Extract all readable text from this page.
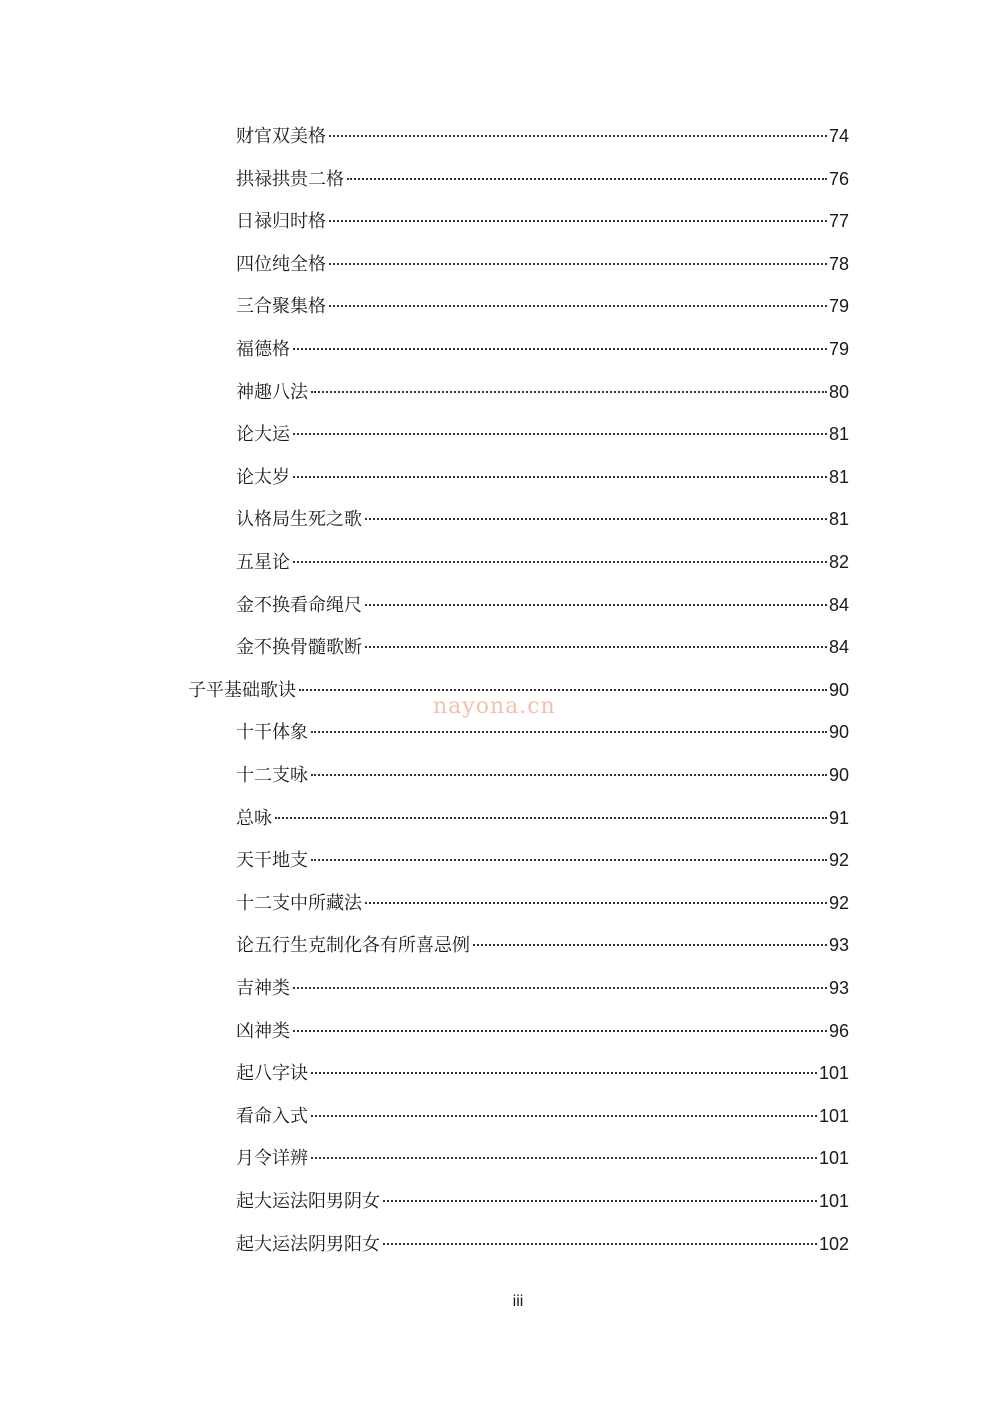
财官双美格	74
拱禄拱贵二格	76
日禄归时格	77
四位纯全格	78
三合聚集格	79
福德格	79
神趣八法	80
论大运	81
论太岁	81
认格局生死之歌	81
五星论	82
金不换看命绳尺	84
金不换骨髓歌断	84
子平基础歌诀	90
十干体象	90
十二支咏	90
总咏	91
天干地支	92
十二支中所藏法	92
论五行生克制化各有所喜忌例	93
吉神类	93
凶神类	96
起八字诀	101
看命入式	101
月令详辨	101
起大运法阳男阴女	101
起大运法阴男阳女	102
nayona.cn
iii
